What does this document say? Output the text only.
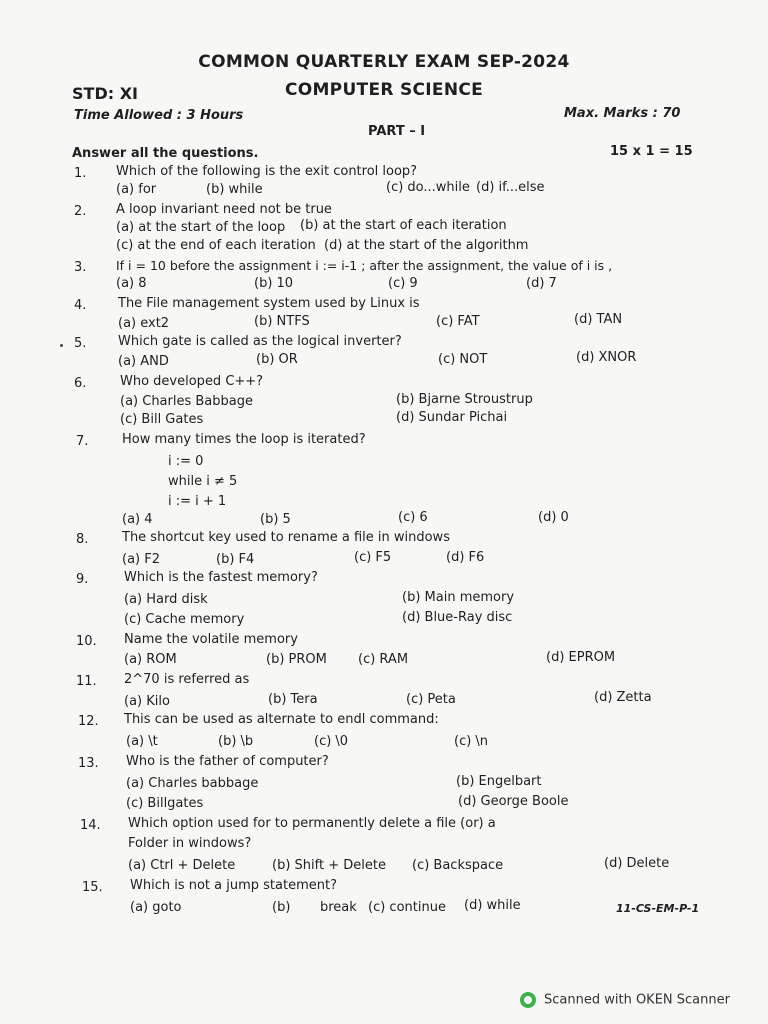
COMMON QUARTERLY EXAM SEP-2024
STD: XI	COMPUTER SCIENCE
Time Allowed : 3 Hours	Max. Marks : 70
PART – I
Answer all the questions.	15 x 1 = 15
1. Which of the following is the exit control loop?
(a) for	(b) while	(c) do...while (d) if...else
2. A loop invariant need not be true
(a) at the start of the loop (b) at the start of each iteration
(c) at the end of each iteration (d) at the start of the algorithm
3. If i = 10 before the assignment i := i-1 ; after the assignment, the value of i is ,
(a) 8	(b) 10	(c) 9	(d) 7
4. The File management system used by Linux is
(a) ext2	(b) NTFS	(c) FAT	(d) TAN
5. Which gate is called as the logical inverter?
(a) AND	(b) OR	(c) NOT	(d) XNOR
6.	Who developed C++?
(a) Charles Babbage	(b) Bjarne Stroustrup
(c) Bill Gates	(d) Sundar Pichai
7.	How many times the loop is iterated?
i := 0
while i ≠ 5
i := i + 1
(a) 4	(b) 5	(c) 6	(d) 0
8.	The shortcut key used to rename a file in windows
(a) F2	(b) F4	(c) F5	(d) F6
9.	Which is the fastest memory?
(a) Hard disk	(b) Main memory
(c) Cache memory	(d) Blue-Ray disc
10. Name the volatile memory
(a) ROM	(b) PROM (c) RAM	(d) EPROM
11. 2^70 is referred as
(a) Kilo	(b) Tera	(c) Peta	(d) Zetta
12. This can be used as alternate to endl command:
(a) \t	(b) \b	(c) \0	(c) \n
13. Who is the father of computer?
(a) Charles babbage	(b) Engelbart
(c) Billgates	(d) George Boole
14. Which option used for to permanently delete a file (or) a
Folder in windows?
(a) Ctrl + Delete	(b) Shift + Delete (c) Backspace	(d) Delete
15. Which is not a jump statement?
(a) goto	(b) break (c) continue (d) while	11-CS-EM-P-1
Scanned with OKEN Scanner
